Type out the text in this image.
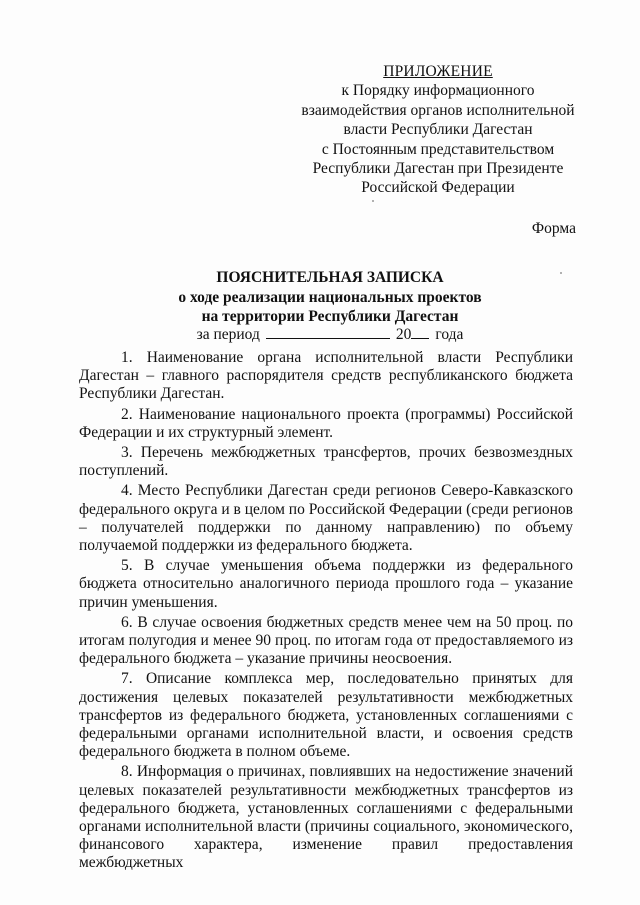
ПРИЛОЖЕНИЕ
к Порядку информационного
взаимодействия органов исполнительной
власти Республики Дагестан
с Постоянным представительством
Республики Дагестан при Президенте
Российской Федерации
Форма
ПОЯСНИТЕЛЬНАЯ ЗАПИСКА
о ходе реализации национальных проектов
на территории Республики Дагестан
за период	20 года

1. Наименование органа исполнительной власти Республики Дагестан – главного распорядителя средств республиканского бюджета Республики Дагестан.

2. Наименование национального проекта (программы) Российской Федерации и их структурный элемент.

3. Перечень межбюджетных трансфертов, прочих безвозмездных поступлений.

4. Место Республики Дагестан среди регионов Северо-Кавказского федерального округа и в целом по Российской Федерации (среди регионов – получателей поддержки по данному направлению) по объему получаемой поддержки из федерального бюджета.

5. В случае уменьшения объема поддержки из федерального бюджета относительно аналогичного периода прошлого года – указание причин уменьшения.

6. В случае освоения бюджетных средств менее чем на 50 проц. по итогам полугодия и менее 90 проц. по итогам года от предоставляемого из федерального бюджета – указание причины неосвоения.

7. Описание комплекса мер, последовательно принятых для достижения целевых показателей результативности межбюджетных трансфертов из федерального бюджета, установленных соглашениями с федеральными органами исполнительной власти, и освоения средств федерального бюджета в полном объеме.

8. Информация о причинах, повлиявших на недостижение значений целевых показателей результативности межбюджетных трансфертов из федерального бюджета, установленных соглашениями с федеральными органами исполнительной власти (причины социального, экономического, финансового характера, изменение правил предоставления межбюджетных
